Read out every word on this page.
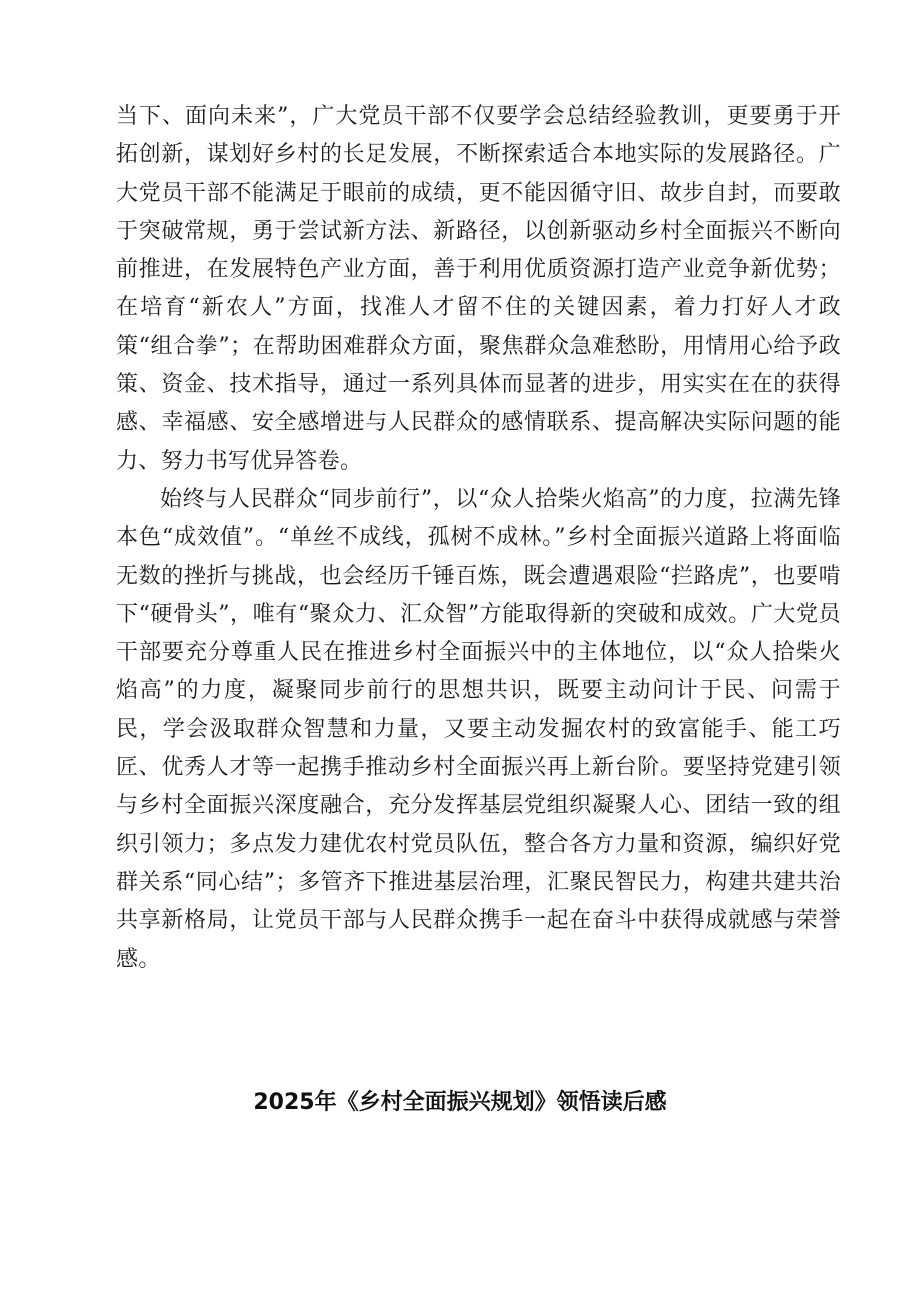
当下、面向未来”，广大党员干部不仅要学会总结经验教训，更要勇于开拓创新，谋划好乡村的长足发展，不断探索适合本地实际的发展路径。广大党员干部不能满足于眼前的成绩，更不能因循守旧、故步自封，而要敢于突破常规，勇于尝试新方法、新路径，以创新驱动乡村全面振兴不断向前推进，在发展特色产业方面，善于利用优质资源打造产业竞争新优势；在培育“新农人”方面，找准人才留不住的关键因素，着力打好人才政策“组合拳”；在帮助困难群众方面，聚焦群众急难愁盼，用情用心给予政策、资金、技术指导，通过一系列具体而显著的进步，用实实在在的获得感、幸福感、安全感增进与人民群众的感情联系、提高解决实际问题的能力、努力书写优异答卷。

始终与人民群众“同步前行”，以“众人拾柴火焰高”的力度，拉满先锋本色“成效值”。“单丝不成线，孤树不成林。”乡村全面振兴道路上将面临无数的挫折与挑战，也会经历千锤百炼，既会遭遇艰险“拦路虎”，也要啃下“硬骨头”，唯有“聚众力、汇众智”方能取得新的突破和成效。广大党员干部要充分尊重人民在推进乡村全面振兴中的主体地位，以“众人拾柴火焰高”的力度，凝聚同步前行的思想共识，既要主动问计于民、问需于民，学会汲取群众智慧和力量，又要主动发掘农村的致富能手、能工巧匠、优秀人才等一起携手推动乡村全面振兴再上新台阶。要坚持党建引领与乡村全面振兴深度融合，充分发挥基层党组织凝聚人心、团结一致的组织引领力；多点发力建优农村党员队伍，整合各方力量和资源，编织好党群关系“同心结”；多管齐下推进基层治理，汇聚民智民力，构建共建共治共享新格局，让党员干部与人民群众携手一起在奋斗中获得成就感与荣誉感。

2025年《乡村全面振兴规划》领悟读后感
